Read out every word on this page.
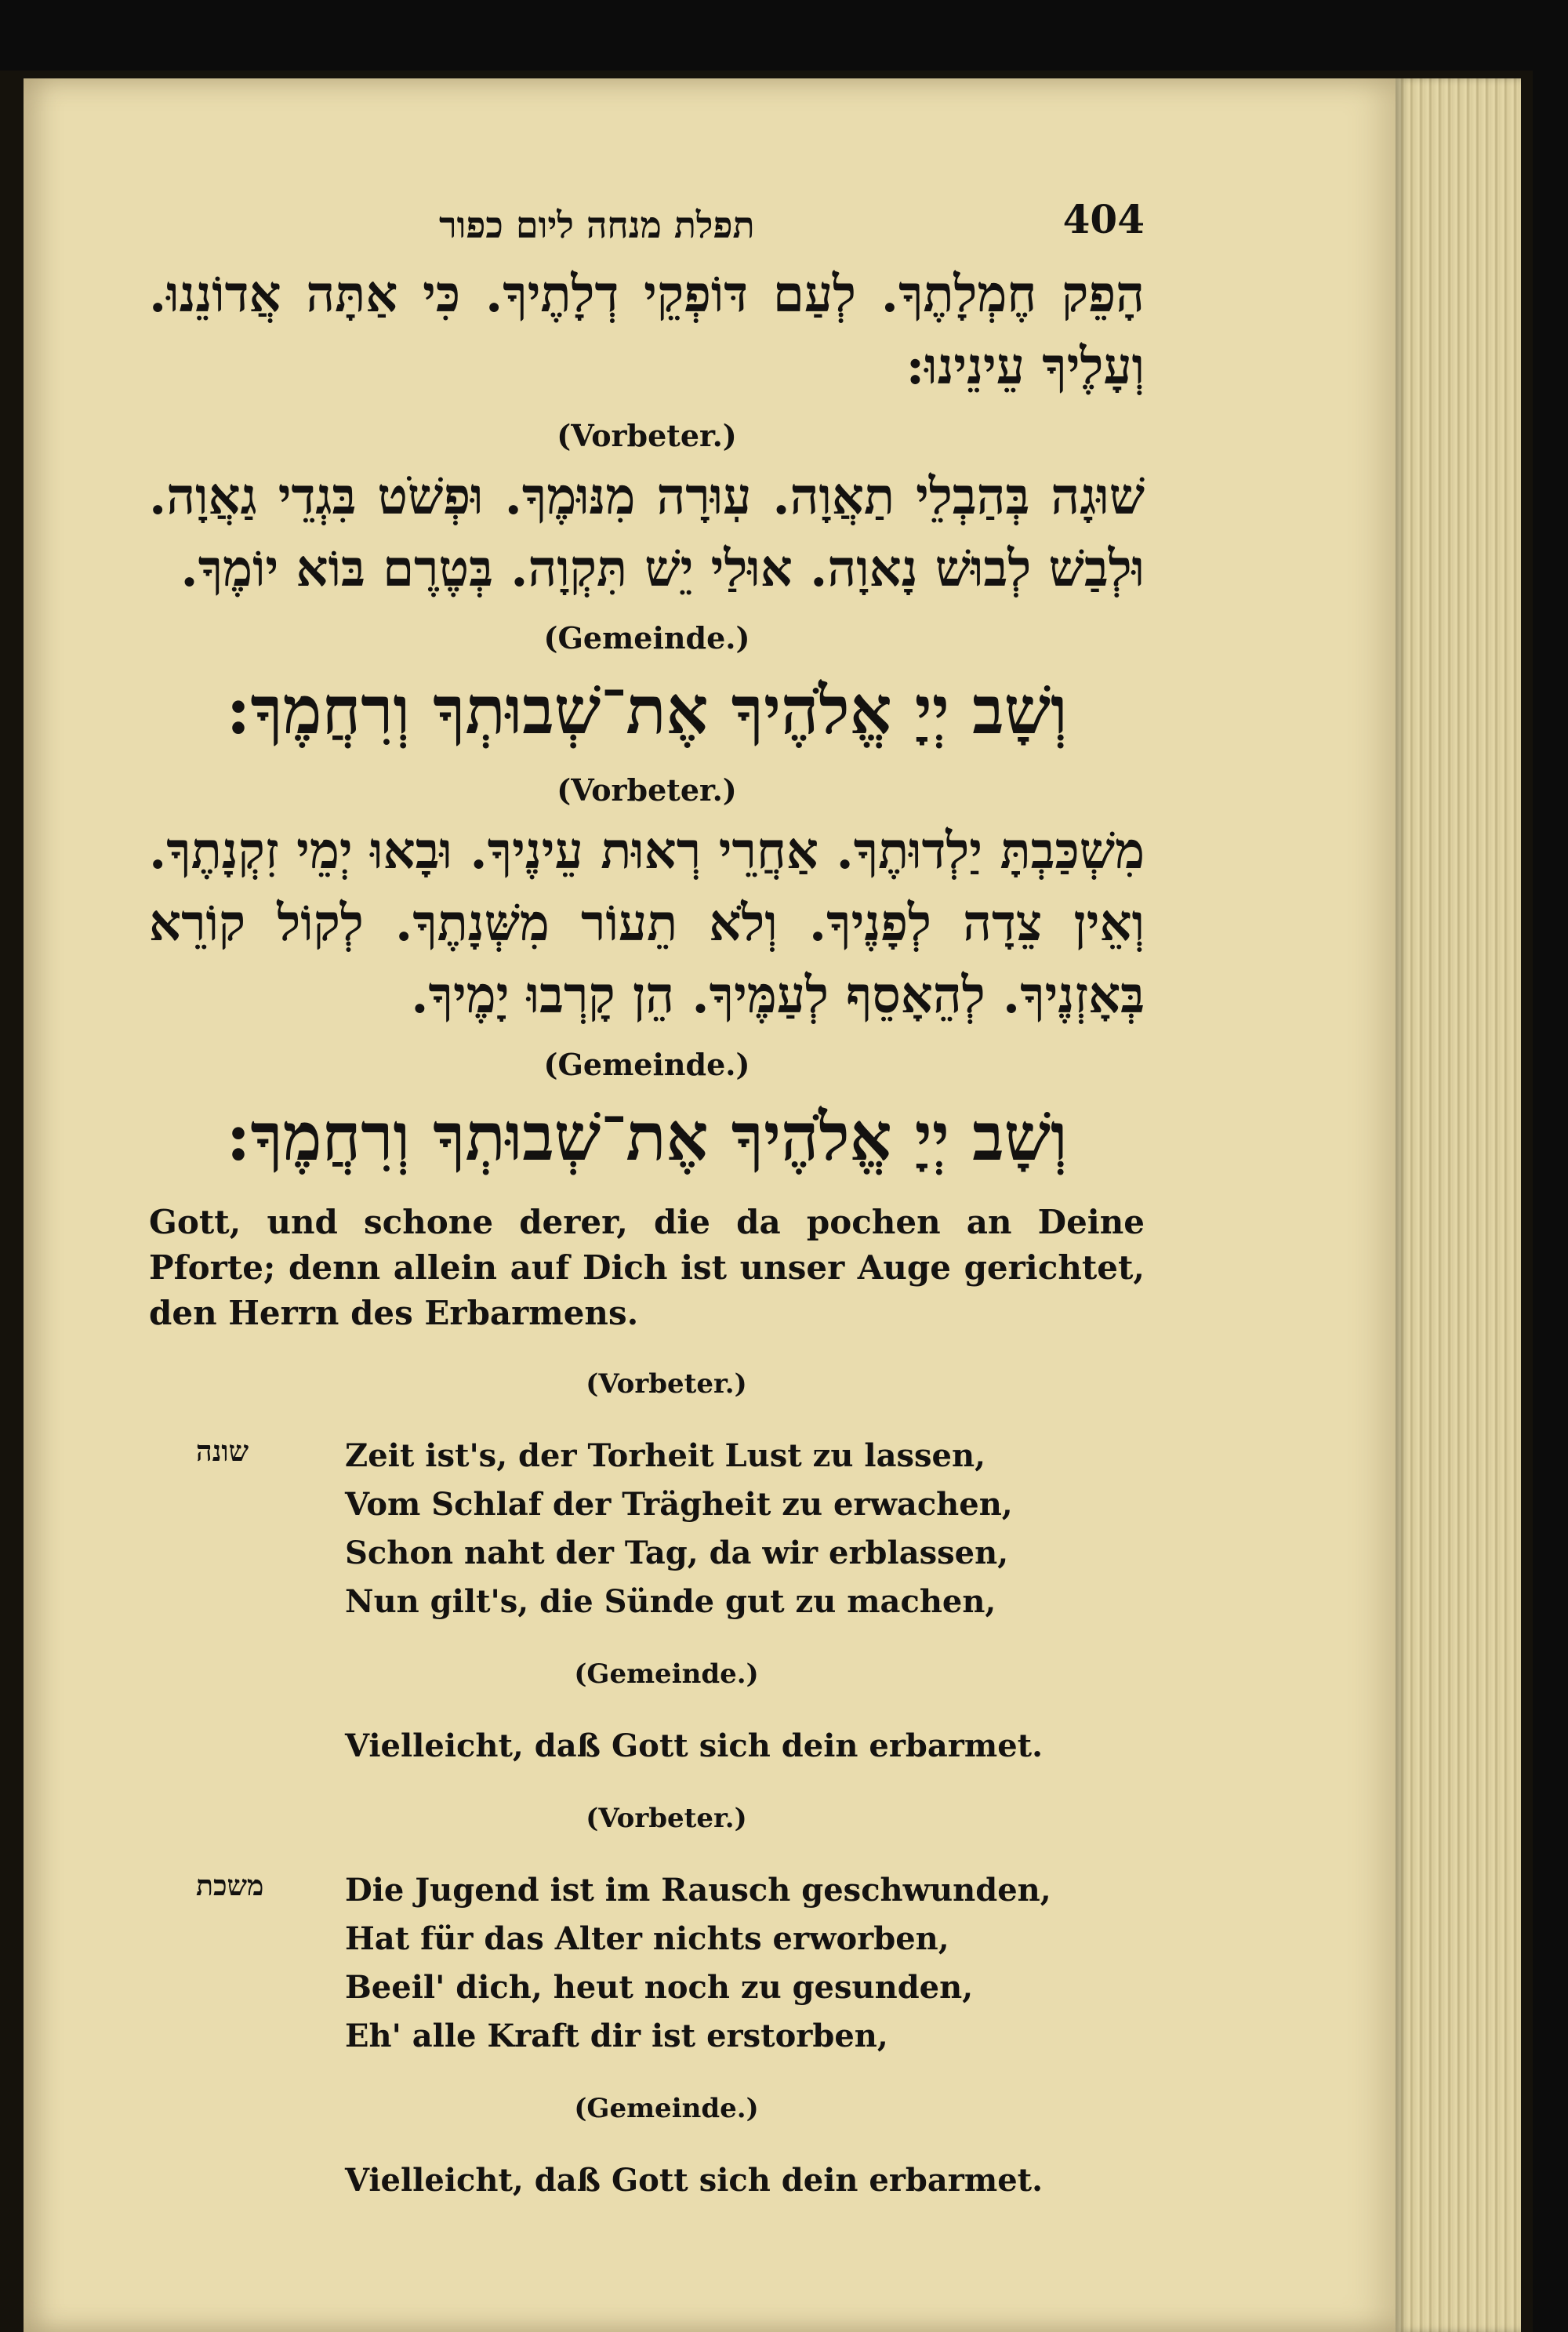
תפלת מנחה ליום כפור	404

הָפֵק חֶמְלָתֶךָ. לְעַם דּוֹפְקֵי דְלָתֶיךָ. כִּי אַתָּה אֲדוֹנֵנוּ. וְעָלֶיךָ עֵינֵינוּ:

(Vorbeter.)

שׁוּגָה בְּהַבְלֵי תַאֲוָה. עֽוּרָה מִנּוּמֶךָ. וּפְשֹׁט בִּגְדֵי גַאֲוָה. וּלְבַשׁ לְבוּשׁ נָאוָה. אוּלַי יֵשׁ תִּקְוָה. בְּטֶרֶם בּוֹא יוֹמֶךָ.

(Gemeinde.)

וְשָׁב יְיָ אֱלֹהֶיךָ אֶת־שְׁבוּתְךָ וְרִחֲמֶךָ:

(Vorbeter.)

מִשְׁכַּבְתָּ יַלְדוּתֶךָ. אַחֲרֵי רְאוּת עֵינֶיךָ. וּבָאוּ יְמֵי זִקְנָתֶךָ. וְאֵין צֵדָה לְפָנֶיךָ. וְלֹא תֵעוֹר מִשְּׁנָתֶךָ. לְקוֹל קוֹרֵא בְּאָזְנֶיךָ. לְהֵאָסֵף לְעַמֶּיךָ. הֵן קָרְבוּ יָמֶיךָ.

(Gemeinde.)

וְשָׁב יְיָ אֱלֹהֶיךָ אֶת־שְׁבוּתְךָ וְרִחֲמֶךָ:

Gott, und schone derer, die da pochen an Deine Pforte; denn allein auf Dich ist unser Auge gerichtet, den Herrn des Erbarmens.

(Vorbeter.)

שונה	Zeit ist's, der Torheit Lust zu lassen,
Vom Schlaf der Trägheit zu erwachen,
Schon naht der Tag, da wir erblassen,
Nun gilt's, die Sünde gut zu machen,

(Gemeinde.)

Vielleicht, daß Gott sich dein erbarmet.

(Vorbeter.)

משכת	Die Jugend ist im Rausch geschwunden,
Hat für das Alter nichts erworben,
Beeil' dich, heut noch zu gesunden,
Eh' alle Kraft dir ist erstorben,

(Gemeinde.)

Vielleicht, daß Gott sich dein erbarmet.
